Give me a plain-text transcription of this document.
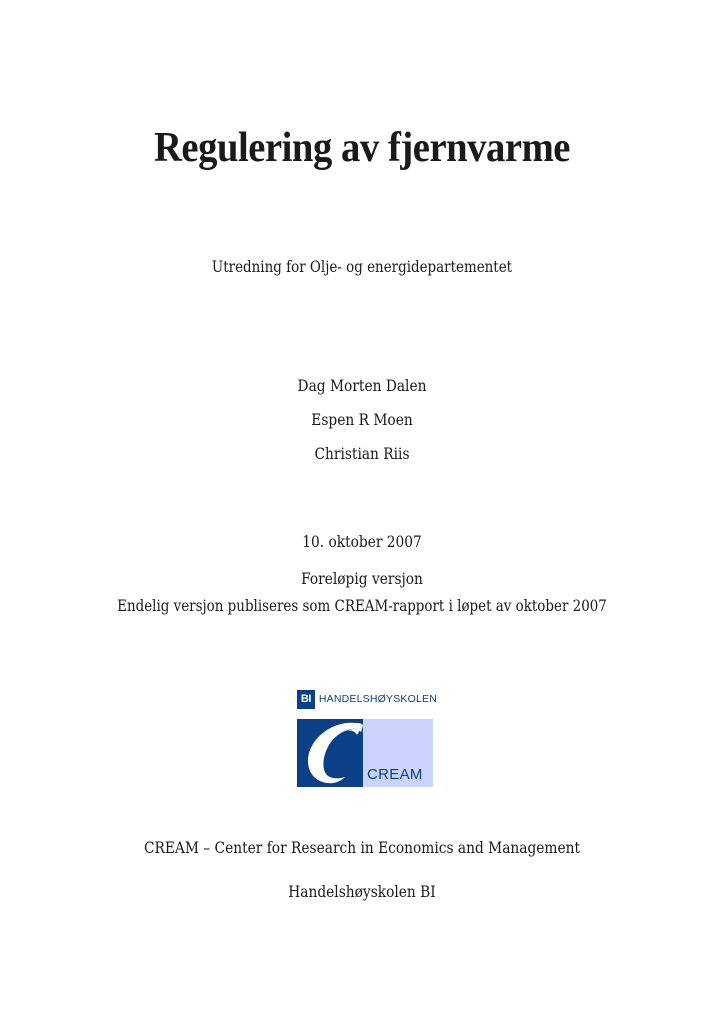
Regulering av fjernvarme
Utredning for Olje- og energidepartementet
Dag Morten Dalen
Espen R Moen
Christian Riis
10. oktober 2007
Foreløpig versjon
Endelig versjon publiseres som CREAM-rapport i løpet av oktober 2007
BI HANDELSHØYSKOLEN
CREAM
CREAM – Center for Research in Economics and Management
Handelshøyskolen BI
